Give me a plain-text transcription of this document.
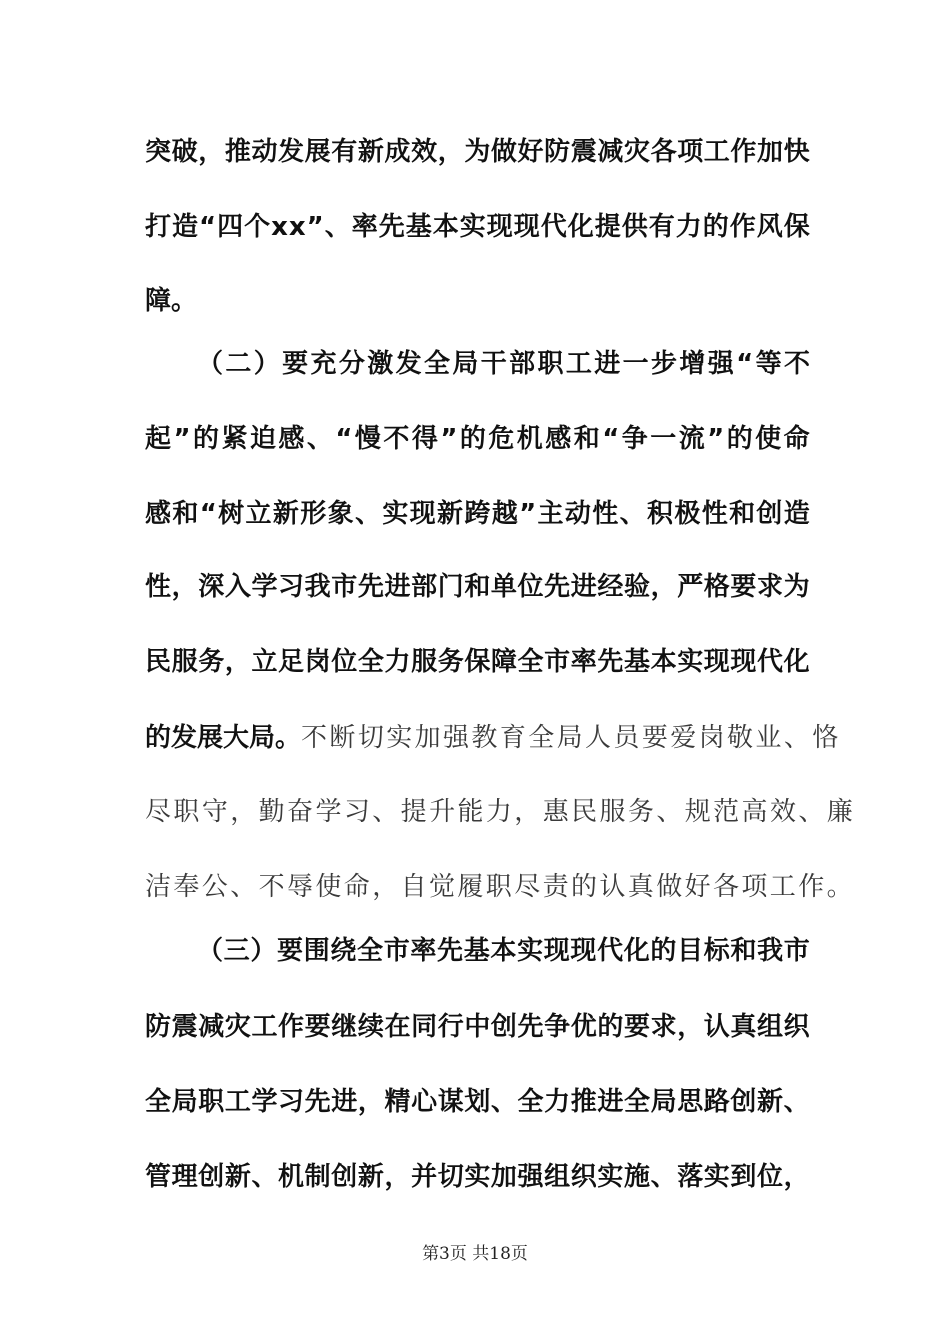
突 破 ， 推 动 发 展 有 新 成 效 ， 为 做 好 防 震 减 灾 各 项 工 作 加 快
打 造 “ 四 个 x x ” 、 率 先 基 本 实 现 现 代 化 提 供 有 力 的 作 风 保
障。
（ 二 ） 要 充 分 激 发 全 局 干 部 职 工 进 一 步 增 强 “ 等 不
起 ” 的 紧 迫 感 、 “ 慢 不 得 ” 的 危 机 感 和 “ 争 一 流 ” 的 使 命
感 和 “ 树 立 新 形 象 、 实 现 新 跨 越 ” 主 动 性 、 积 极 性 和 创 造
性 ， 深 入 学 习 我 市 先 进 部 门 和 单 位 先 进 经 验 ， 严 格 要 求 为
民 服 务 ， 立 足 岗 位 全 力 服 务 保 障 全 市 率 先 基 本 实 现 现 代 化
的发展大局。不断切实加强教育全局人员要爱岗敬业、恪
尽 职 守 ， 勤 奋 学 习 、 提 升 能 力 ， 惠 民 服 务 、 规 范 高 效 、 廉
洁奉公、不辱使命，自觉履职尽责的认真做好各项工作。
（ 三 ） 要 围 绕 全 市 率 先 基 本 实 现 现 代 化 的 目 标 和 我 市
防 震 减 灾 工 作 要 继 续 在 同 行 中 创 先 争 优 的 要 求 ， 认 真 组 织
全 局 职 工 学 习 先 进 ， 精 心 谋 划 、 全 力 推 进 全 局 思 路 创 新 、
管 理 创 新 、 机 制 创 新 ， 并 切 实 加 强 组 织 实 施 、 落 实 到 位 ，
第3页 共18页
